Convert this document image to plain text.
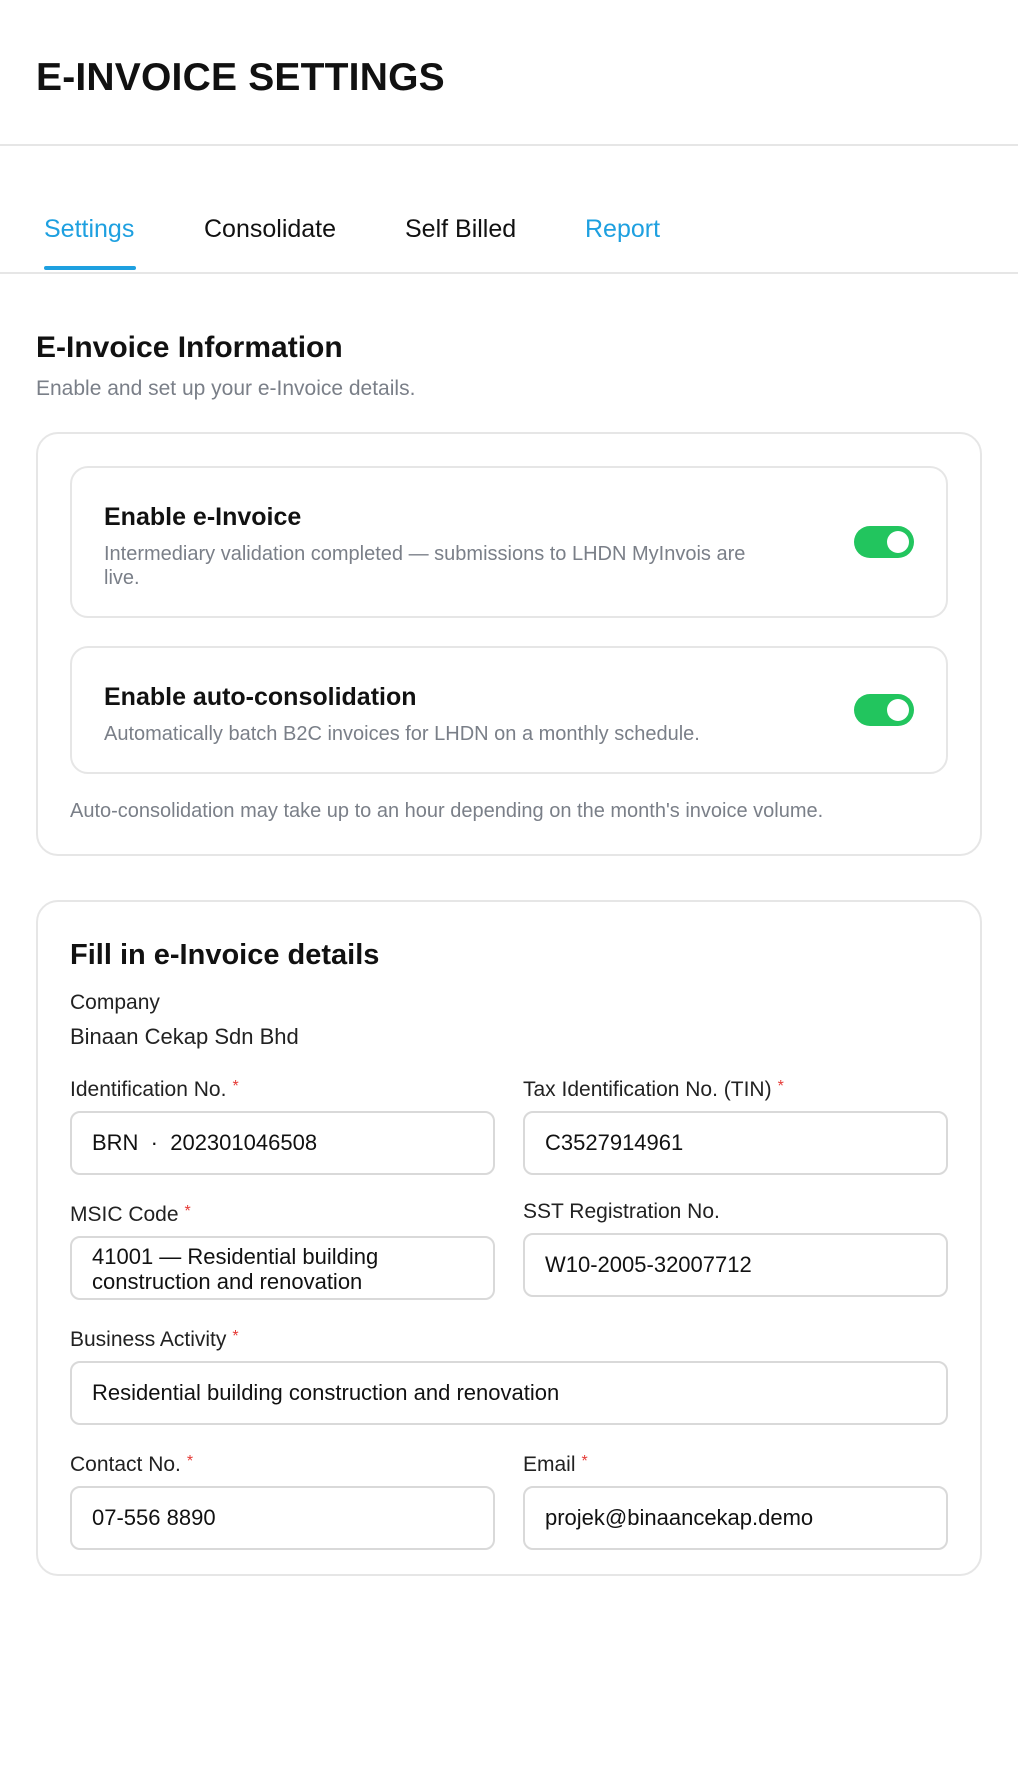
E-INVOICE SETTINGS
Settings	Consolidate	Self Billed	Report
E-Invoice Information

Enable and set up your e-Invoice details.

Enable e-Invoice
Intermediary validation completed — submissions to LHDN MyInvois are live.
Enable auto-consolidation
Automatically batch B2C invoices for LHDN on a monthly schedule.

Auto-consolidation may take up to an hour depending on the month's invoice volume.

Fill in e-Invoice details
Company
Binaan Cekap Sdn Bhd
Identification No. *
BRN  ·  202301046508
Tax Identification No. (TIN) *
C3527914961
MSIC Code *
41001 — Residential building construction and renovation
SST Registration No.
W10-2005-32007712
Business Activity *
Residential building construction and renovation
Contact No. *
07-556 8890
Email *
projek@binaancekap.demo
